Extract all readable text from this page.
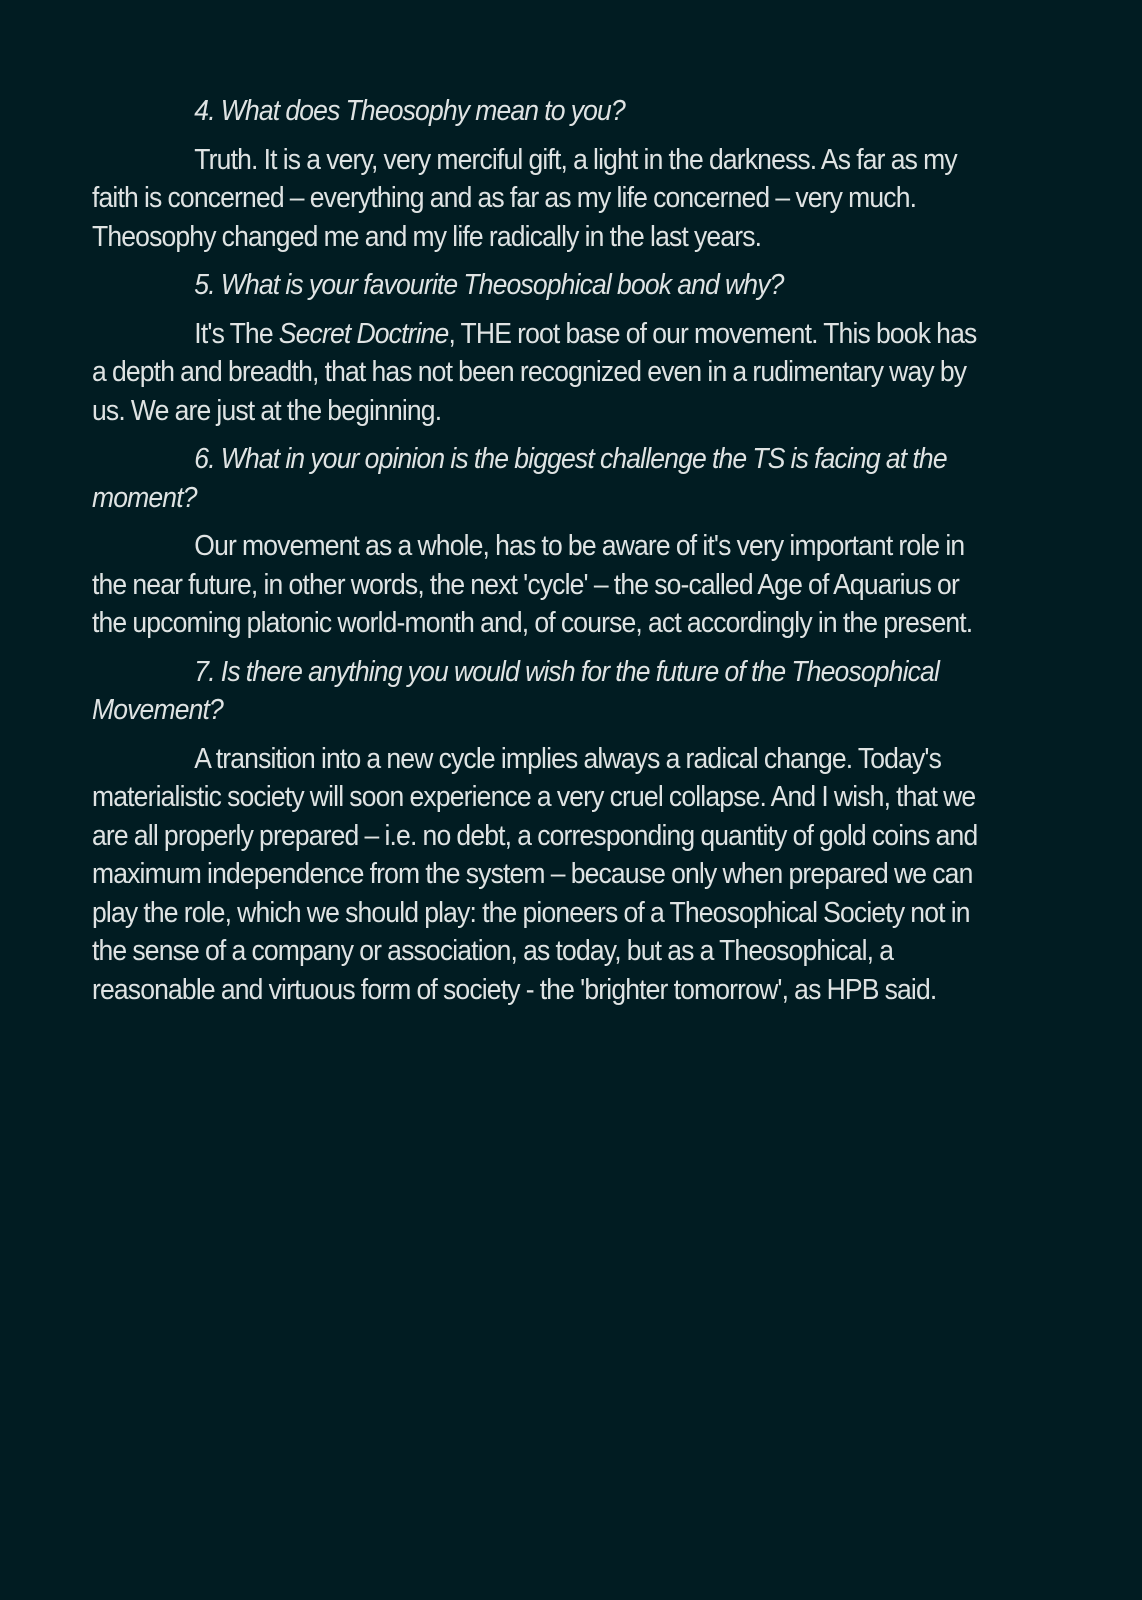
4. What does Theosophy mean to you?

Truth. It is a very, very merciful gift, a light in the darkness. As far as my faith is concerned – everything and as far as my life concerned – very much. Theosophy changed me and my life radically in the last years.

5. What is your favourite Theosophical book and why?

It's The Secret Doctrine, THE root base of our movement. This book has a depth and breadth, that has not been recognized even in a rudimentary way by us. We are just at the beginning.

6. What in your opinion is the biggest challenge the TS is facing at the moment?

Our movement as a whole, has to be aware of it's very important role in the near future, in other words, the next 'cycle' – the so-called Age of Aquarius or the upcoming platonic world-month and, of course, act accordingly in the present.

7. Is there anything you would wish for the future of the Theosophical Movement?

A transition into a new cycle implies always a radical change. Today's materialistic society will soon experience a very cruel collapse. And I wish, that we are all properly prepared – i.e. no debt, a corresponding quantity of gold coins and maximum independence from the system – because only when prepared we can play the role, which we should play: the pioneers of a Theosophical Society not in the sense of a company or association, as today, but as a Theosophical, a reasonable and virtuous form of society - the 'brighter tomorrow', as HPB said.
